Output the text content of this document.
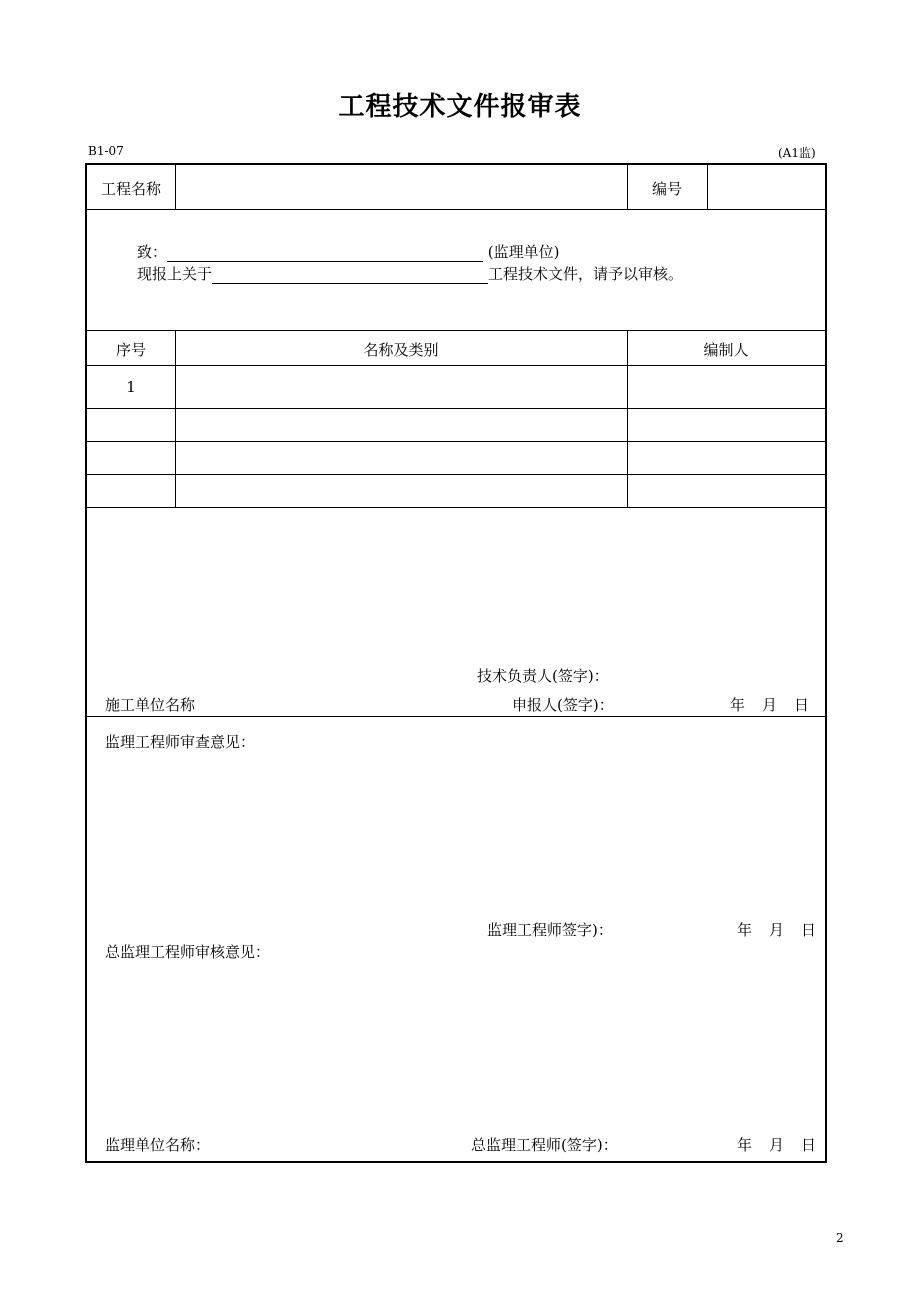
工程技术文件报审表
B1-07	(A1监)
工程名称	编号
致：	(监理单位)
现报上关于	工程技术文件，请予以审核。
序号	名称及类别	编制人
1
技术负责人(签字)：
施工单位名称	申报人(签字)：	年 月 日
监理工程师审查意见：
监理工程师签字)：	年 月 日
总监理工程师审核意见：
监理单位名称：	总监理工程师(签字)：	年 月 日
2
